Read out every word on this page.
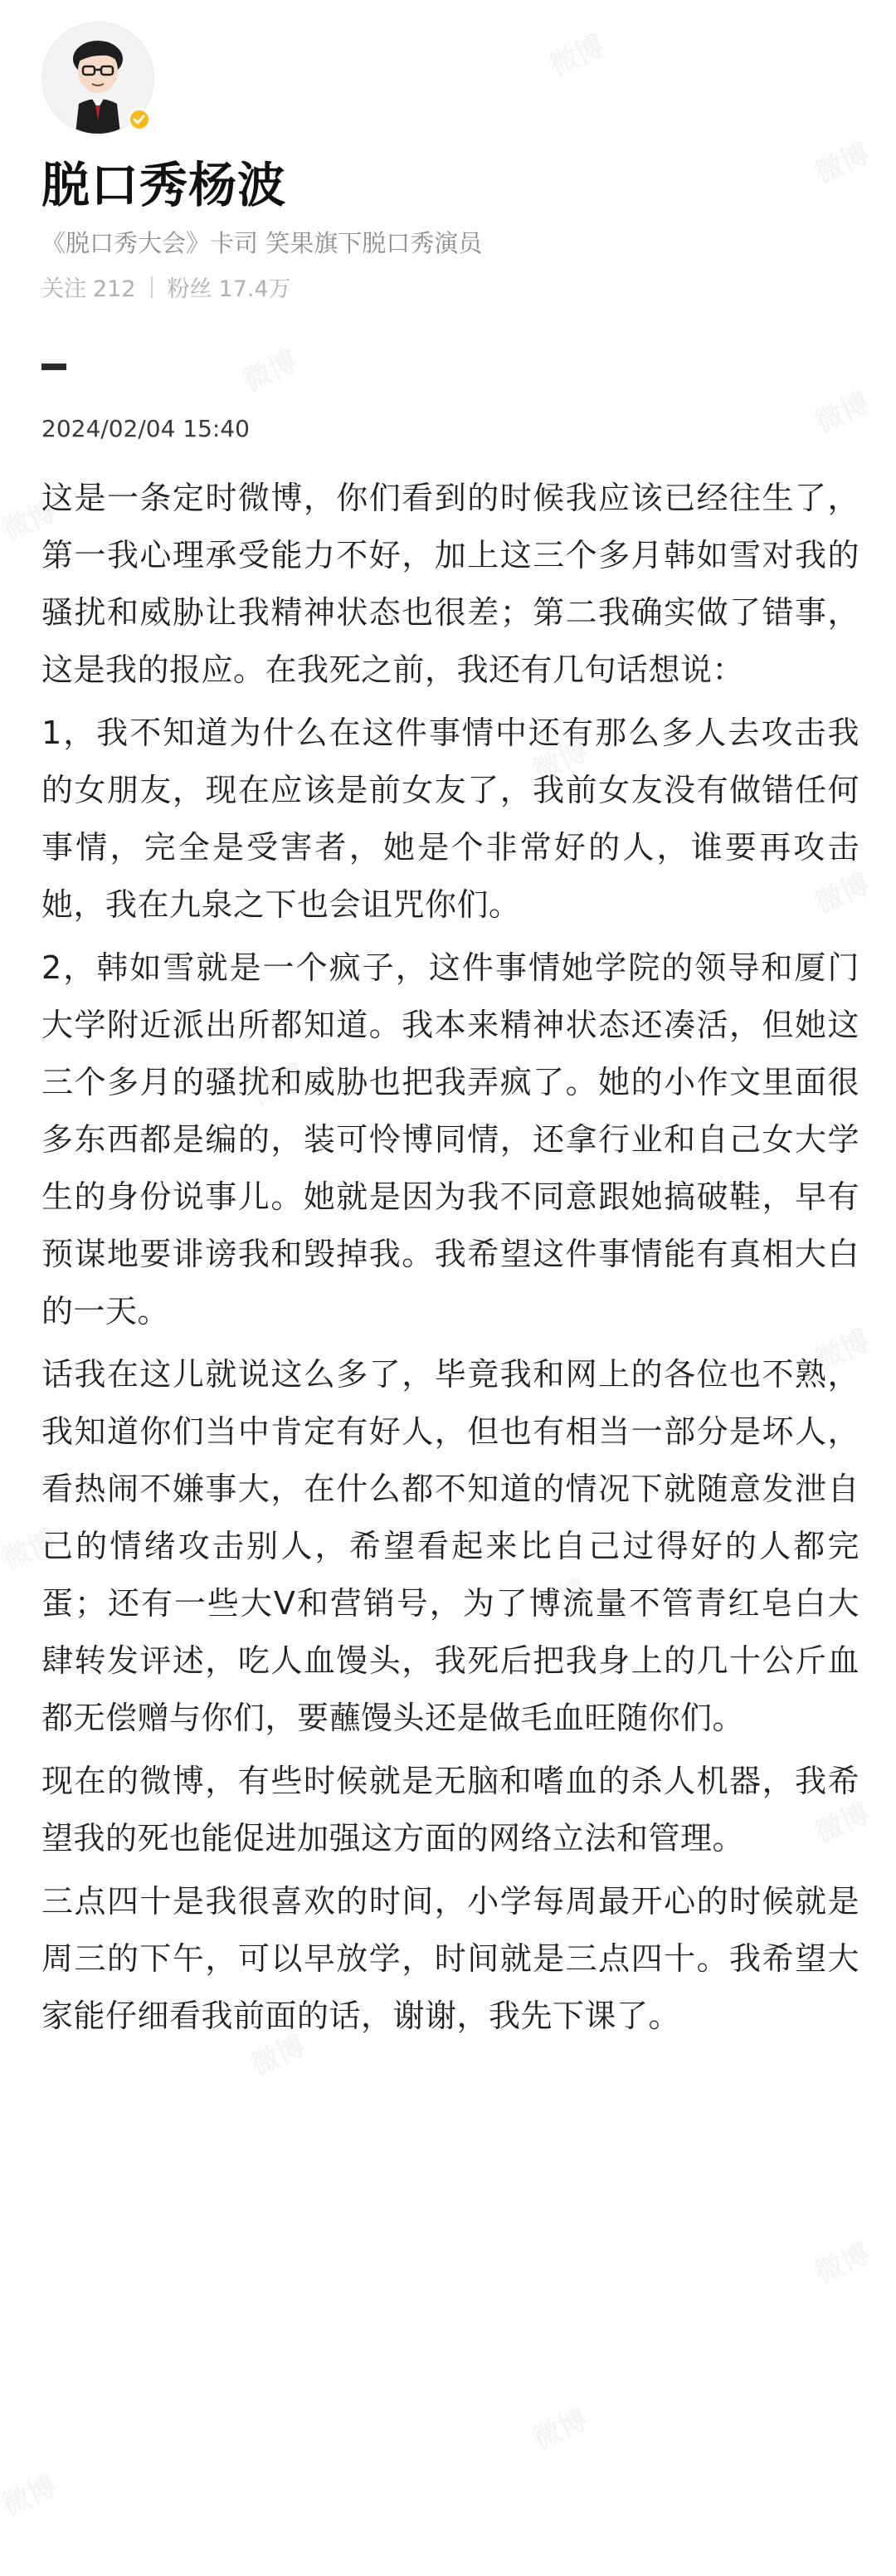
脱口秀杨波
《脱口秀大会》卡司 笑果旗下脱口秀演员
关注 212 粉丝 17.4万
2024/02/04 15:40

这是一条定时微博，你们看到的时候我应该已经往生了，第一我心理承受能力不好，加上这三个多月韩如雪对我的骚扰和威胁让我精神状态也很差；第二我确实做了错事，这是我的报应。在我死之前，我还有几句话想说：

1，我不知道为什么在这件事情中还有那么多人去攻击我的女朋友，现在应该是前女友了，我前女友没有做错任何事情，完全是受害者，她是个非常好的人，谁要再攻击她，我在九泉之下也会诅咒你们。

2，韩如雪就是一个疯子，这件事情她学院的领导和厦门大学附近派出所都知道。我本来精神状态还凑活，但她这三个多月的骚扰和威胁也把我弄疯了。她的小作文里面很多东西都是编的，装可怜博同情，还拿行业和自己女大学生的身份说事儿。她就是因为我不同意跟她搞破鞋，早有预谋地要诽谤我和毁掉我。我希望这件事情能有真相大白的一天。

话我在这儿就说这么多了，毕竟我和网上的各位也不熟，我知道你们当中肯定有好人，但也有相当一部分是坏人，看热闹不嫌事大，在什么都不知道的情况下就随意发泄自己的情绪攻击别人，希望看起来比自己过得好的人都完蛋；还有一些大V和营销号，为了博流量不管青红皂白大肆转发评述，吃人血馒头，我死后把我身上的几十公斤血都无偿赠与你们，要蘸馒头还是做毛血旺随你们。

现在的微博，有些时候就是无脑和嗜血的杀人机器，我希望我的死也能促进加强这方面的网络立法和管理。

三点四十是我很喜欢的时间，小学每周最开心的时候就是周三的下午，可以早放学，时间就是三点四十。我希望大家能仔细看我前面的话，谢谢，我先下课了。
